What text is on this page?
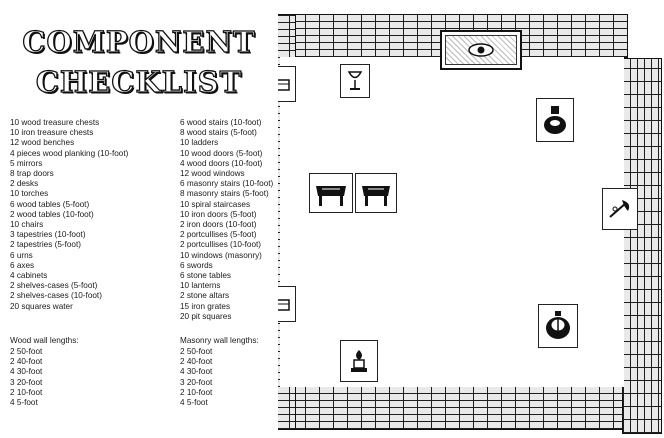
COMPONENT
CHECKLIST
10 wood treasure chests
10 iron treasure chests
12 wood benches
4 pieces wood planking (10-foot)
5 mirrors
8 trap doors
2 desks
10 torches
6 wood tables (5-foot)
2 wood tables (10-foot)
10 chairs
3 tapestries (10-foot)
2 tapestries (5-foot)
6 urns
6 axes
4 cabinets
2 shelves-cases (5-foot)
2 shelves-cases (10-foot)
20 squares water
6 wood stairs (10-foot)
8 wood stairs (5-foot)
10 ladders
10 wood doors (5-foot)
4 wood doors (10-foot)
12 wood windows
6 masonry stairs (10-foot)
8 masonry stairs (5-foot)
10 spiral staircases
10 iron doors (5-foot)
2 iron doors (10-foot)
2 portcullises (5-foot)
2 portcullises (10-foot)
10 windows (masonry)
6 swords
6 stone tables
10 lanterns
2 stone altars
15 iron grates
20 pit squares
Wood wall lengths:
2 50-foot
2 40-foot
4 30-foot
3 20-foot
2 10-foot
4 5-foot
Masonry wall lengths:
2 50-foot
2 40-foot
4 30-foot
3 20-foot
2 10-foot
4 5-foot
